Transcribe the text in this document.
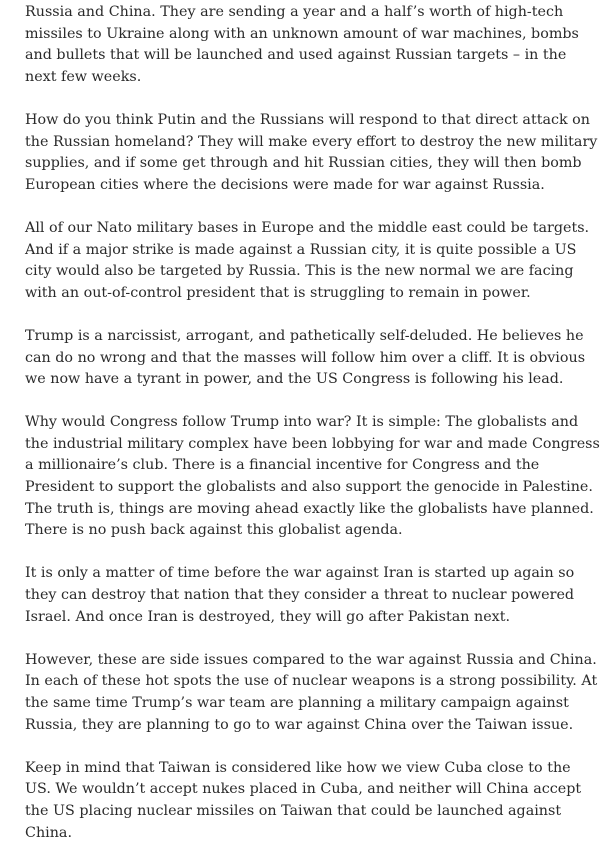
Russia and China. They are sending a year and a half’s worth of high-tech missiles to Ukraine along with an unknown amount of war machines, bombs and bullets that will be launched and used against Russian targets – in the next few weeks.

How do you think Putin and the Russians will respond to that direct attack on the Russian homeland? They will make every effort to destroy the new military supplies, and if some get through and hit Russian cities, they will then bomb European cities where the decisions were made for war against Russia.

All of our Nato military bases in Europe and the middle east could be targets. And if a major strike is made against a Russian city, it is quite possible a US city would also be targeted by Russia. This is the new normal we are facing with an out-of-control president that is struggling to remain in power.

Trump is a narcissist, arrogant, and pathetically self-deluded. He believes he can do no wrong and that the masses will follow him over a cliff. It is obvious we now have a tyrant in power, and the US Congress is following his lead.

Why would Congress follow Trump into war? It is simple: The globalists and the industrial military complex have been lobbying for war and made Congress a millionaire’s club. There is a financial incentive for Congress and the President to support the globalists and also support the genocide in Palestine. The truth is, things are moving ahead exactly like the globalists have planned. There is no push back against this globalist agenda.

It is only a matter of time before the war against Iran is started up again so they can destroy that nation that they consider a threat to nuclear powered Israel. And once Iran is destroyed, they will go after Pakistan next.

However, these are side issues compared to the war against Russia and China. In each of these hot spots the use of nuclear weapons is a strong possibility. At the same time Trump’s war team are planning a military campaign against Russia, they are planning to go to war against China over the Taiwan issue.

Keep in mind that Taiwan is considered like how we view Cuba close to the US. We wouldn’t accept nukes placed in Cuba, and neither will China accept the US placing nuclear missiles on Taiwan that could be launched against China.
